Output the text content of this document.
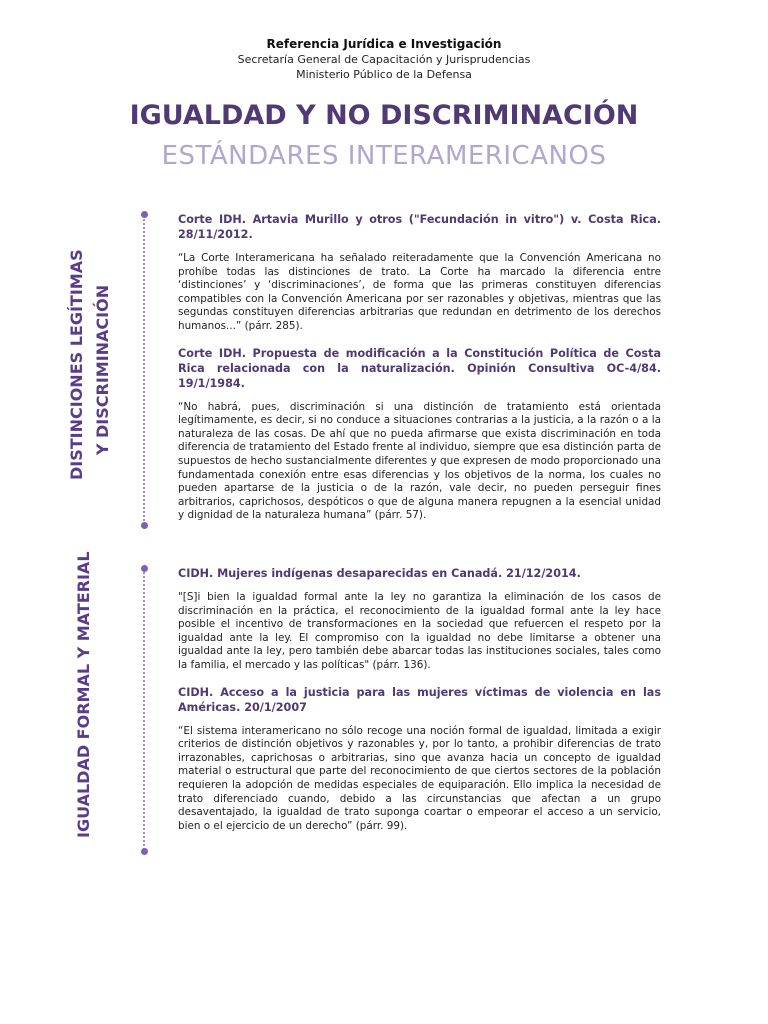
Referencia Jurídica e Investigación
Secretaría General de Capacitación y Jurisprudencias
Ministerio Público de la Defensa
IGUALDAD Y NO DISCRIMINACIÓN
ESTÁNDARES INTERAMERICANOS
DISTINCIONES LEGÍTIMAS Y DISCRIMINACIÓN

Corte IDH. Artavia Murillo y otros ("Fecundación in vitro") v. Costa Rica. 28/11/2012.

“La Corte Interamericana ha señalado reiteradamente que la Convención Americana no prohíbe todas las distinciones de trato. La Corte ha marcado la diferencia entre ‘distinciones’ y ‘discriminaciones’, de forma que las primeras constituyen diferencias compatibles con la Convención Americana por ser razonables y objetivas, mientras que las segundas constituyen diferencias arbitrarias que redundan en detrimento de los derechos humanos...” (párr. 285).

Corte IDH. Propuesta de modificación a la Constitución Política de Costa Rica relacionada con la naturalización. Opinión Consultiva OC-4/84. 19/1/1984.

“No habrá, pues, discriminación si una distinción de tratamiento está orientada legítimamente, es decir, si no conduce a situaciones contrarias a la justicia, a la razón o a la naturaleza de las cosas. De ahí que no pueda afirmarse que exista discriminación en toda diferencia de tratamiento del Estado frente al individuo, siempre que esa distinción parta de supuestos de hecho sustancialmente diferentes y que expresen de modo proporcionado una fundamentada conexión entre esas diferencias y los objetivos de la norma, los cuales no pueden apartarse de la justicia o de la razón, vale decir, no pueden perseguir fines arbitrarios, caprichosos, despóticos o que de alguna manera repugnen a la esencial unidad y dignidad de la naturaleza humana” (párr. 57).

IGUALDAD FORMAL Y MATERIAL	CIDH. Mujeres indígenas desaparecidas en Canadá. 21/12/2014.

"[S]i bien la igualdad formal ante la ley no garantiza la eliminación de los casos de discriminación en la práctica, el reconocimiento de la igualdad formal ante la ley hace posible el incentivo de transformaciones en la sociedad que refuercen el respeto por la igualdad ante la ley. El compromiso con la igualdad no debe limitarse a obtener una igualdad ante la ley, pero también debe abarcar todas las instituciones sociales, tales como la familia, el mercado y las políticas" (párr. 136).

CIDH. Acceso a la justicia para las mujeres víctimas de violencia en las Américas. 20/1/2007

“El sistema interamericano no sólo recoge una noción formal de igualdad, limitada a exigir criterios de distinción objetivos y razonables y, por lo tanto, a prohibir diferencias de trato irrazonables, caprichosas o arbitrarias, sino que avanza hacia un concepto de igualdad material o estructural que parte del reconocimiento de que ciertos sectores de la población requieren la adopción de medidas especiales de equiparación. Ello implica la necesidad de trato diferenciado cuando, debido a las circunstancias que afectan a un grupo desaventajado, la igualdad de trato suponga coartar o empeorar el acceso a un servicio, bien o el ejercicio de un derecho” (párr. 99).
